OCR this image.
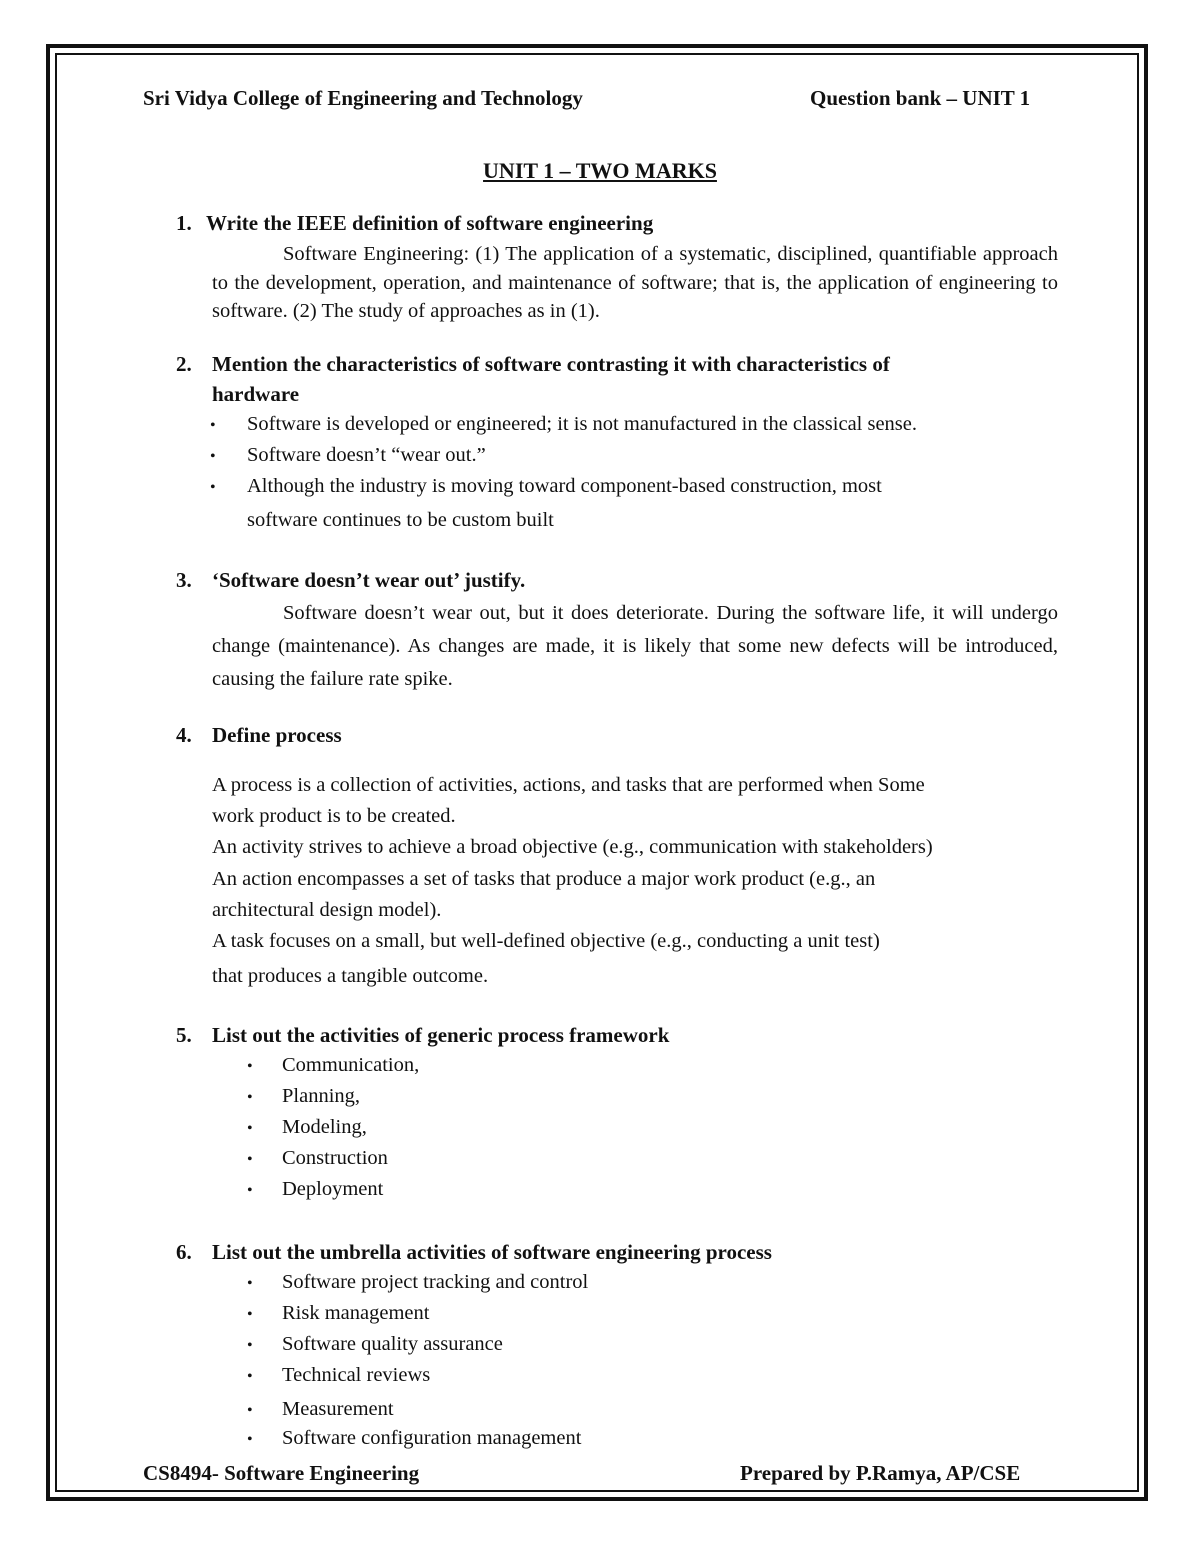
Sri Vidya College of Engineering and Technology	Question bank – UNIT 1
UNIT 1 – TWO MARKS
1. Write the IEEE definition of software engineering
Software Engineering: (1) The application of a systematic, disciplined, quantifiable approach to the development, operation, and maintenance of software; that is, the application of engineering to software. (2) The study of approaches as in (1).
2. Mention the characteristics of software contrasting it with characteristics of
hardware
• Software is developed or engineered; it is not manufactured in the classical sense.
• Software doesn’t “wear out.”
• Although the industry is moving toward component-based construction, most
software continues to be custom built
3. ‘Software doesn’t wear out’ justify.
Software doesn’t wear out, but it does deteriorate. During the software life, it will undergo change (maintenance). As changes are made, it is likely that some new defects will be introduced, causing the failure rate spike.
4. Define process
A process is a collection of activities, actions, and tasks that are performed when Some
work product is to be created.
An activity strives to achieve a broad objective (e.g., communication with stakeholders)
An action encompasses a set of tasks that produce a major work product (e.g., an
architectural design model).
A task focuses on a small, but well-defined objective (e.g., conducting a unit test)
that produces a tangible outcome.
5. List out the activities of generic process framework
• Communication,
• Planning,
• Modeling,
• Construction
• Deployment
6. List out the umbrella activities of software engineering process
• Software project tracking and control
• Risk management
• Software quality assurance
• Technical reviews
• Measurement
• Software configuration management
CS8494- Software Engineering	Prepared by P.Ramya, AP/CSE
